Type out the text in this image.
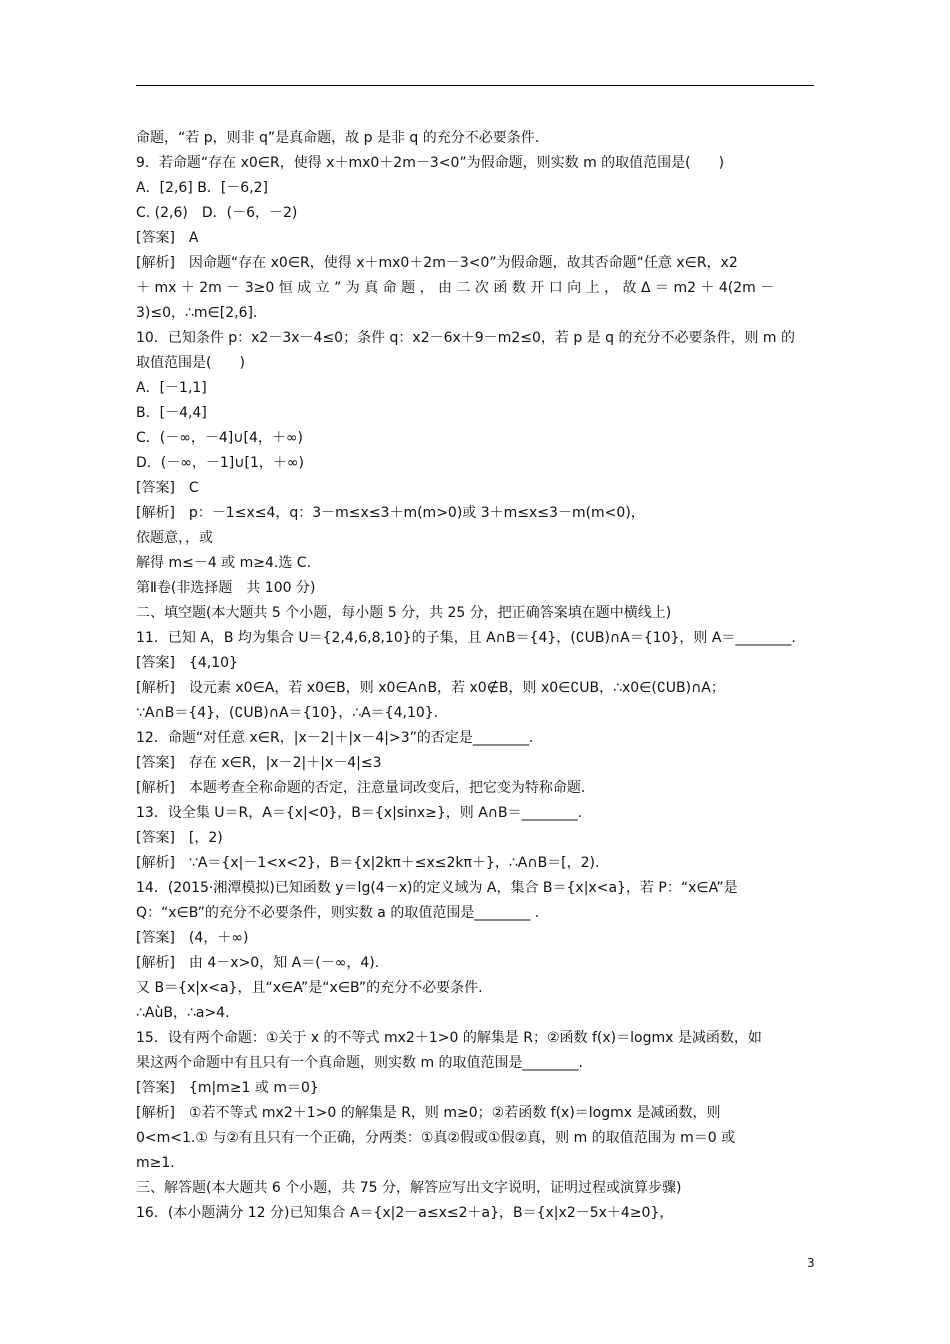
命题，“若 p，则非 q”是真命题，故 p 是非 q 的充分不必要条件.
9．若命题“存在 x0∈R，使得 x＋mx0＋2m－3<0”为假命题，则实数 m 的取值范围是(　　)
A．[2,6] B．[－6,2]
C. (2,6)　D．(－6，－2)
[答案]　A
[解析]　因命题“存在 x0∈R，使得 x＋mx0＋2m－3<0”为假命题，故其否命题“任意 x∈R，x2
＋ mx ＋ 2m － 3≥0 恒 成 立 ” 为 真 命 题 ， 由 二 次 函 数 开 口 向 上 ， 故 Δ ＝ m2 ＋ 4(2m －
3)≤0，∴m∈[2,6].
10．已知条件 p：x2－3x－4≤0；条件 q：x2－6x＋9－m2≤0，若 p 是 q 的充分不必要条件，则 m 的
取值范围是(　　)
A．[－1,1]
B．[－4,4]
C．(－∞，－4]∪[4，＋∞)
D．(－∞，－1]∪[1，＋∞)
[答案]　C
[解析]　p：－1≤x≤4，q：3－m≤x≤3＋m(m>0)或 3＋m≤x≤3－m(m<0)，
依题意，，或
解得 m≤－4 或 m≥4.选 C.
第Ⅱ卷(非选择题　共 100 分)
二、填空题(本大题共 5 个小题，每小题 5 分，共 25 分，把正确答案填在题中横线上)
11．已知 A，B 均为集合 U＝{2,4,6,8,10}的子集，且 A∩B＝{4}，(∁UB)∩A＝{10}，则 A＝________.
[答案]　{4,10}
[解析]　设元素 x0∈A，若 x0∈B，则 x0∈A∩B，若 x0∉B，则 x0∈∁UB，∴x0∈(∁UB)∩A；
∵A∩B＝{4}，(∁UB)∩A＝{10}，∴A＝{4,10}.
12．命题“对任意 x∈R，|x－2|＋|x－4|>3”的否定是________.
[答案]　存在 x∈R，|x－2|＋|x－4|≤3
[解析]　本题考查全称命题的否定，注意量词改变后，把它变为特称命题.
13．设全集 U＝R，A＝{x|<0}，B＝{x|sinx≥}，则 A∩B＝________.
[答案]　[，2)
[解析]　∵A＝{x|－1<x<2}，B＝{x|2kπ＋≤x≤2kπ＋}，∴A∩B＝[，2).
14．(2015·湘潭模拟)已知函数 y＝lg(4－x)的定义域为 A，集合 B＝{x|x<a}，若 P：“x∈A”是
Q：“x∈B”的充分不必要条件，则实数 a 的取值范围是________ .
[答案]　(4，＋∞)
[解析]　由 4－x>0，知 A＝(－∞，4).
又 B＝{x|x<a}，且“x∈A”是“x∈B”的充分不必要条件.
∴AùB，∴a>4.
15．设有两个命题：①关于 x 的不等式 mx2＋1>0 的解集是 R；②函数 f(x)＝logmx 是减函数，如
果这两个命题中有且只有一个真命题，则实数 m 的取值范围是________.
[答案]　{m|m≥1 或 m＝0}
[解析]　①若不等式 mx2＋1>0 的解集是 R，则 m≥0；②若函数 f(x)＝logmx 是减函数，则
0<m<1.① 与②有且只有一个正确，分两类：①真②假或①假②真，则 m 的取值范围为 m＝0 或
m≥1.
三、解答题(本大题共 6 个小题，共 75 分，解答应写出文字说明，证明过程或演算步骤)
16．(本小题满分 12 分)已知集合 A＝{x|2－a≤x≤2＋a}，B＝{x|x2－5x＋4≥0}，
3
